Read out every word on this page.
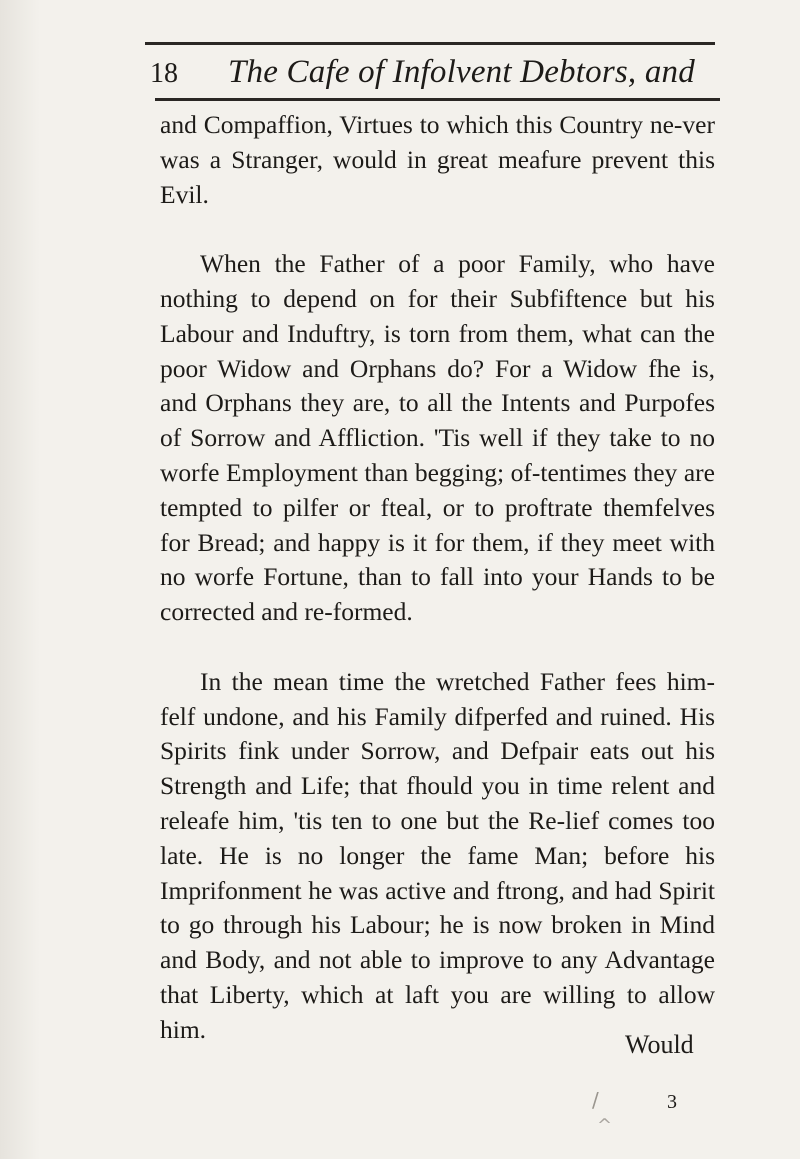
18 The Cafe of Infolvent Debtors, and

and Compaffion, Virtues to which this Country ne-ver was a Stranger, would in great meafure prevent this Evil.

When the Father of a poor Family, who have nothing to depend on for their Subfiftence but his Labour and Induftry, is torn from them, what can the poor Widow and Orphans do? For a Widow fhe is, and Orphans they are, to all the Intents and Purpofes of Sorrow and Affliction. 'Tis well if they take to no worfe Employment than begging; of-tentimes they are tempted to pilfer or fteal, or to proftrate themfelves for Bread; and happy is it for them, if they meet with no worfe Fortune, than to fall into your Hands to be corrected and re-formed.

In the mean time the wretched Father fees him-felf undone, and his Family difperfed and ruined. His Spirits fink under Sorrow, and Defpair eats out his Strength and Life; that fhould you in time relent and releafe him, 'tis ten to one but the Re-lief comes too late. He is no longer the fame Man; before his Imprifonment he was active and ftrong, and had Spirit to go through his Labour; he is now broken in Mind and Body, and not able to improve to any Advantage that Liberty, which at laft you are willing to allow him.

Would
3
/
^
